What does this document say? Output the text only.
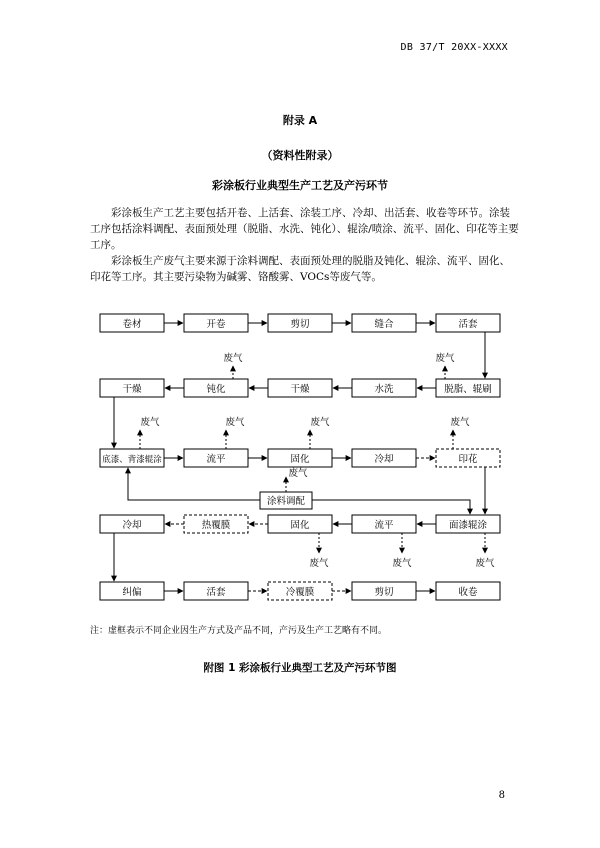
DB 37/T 20XX-XXXX
附录 A
（资料性附录）
彩涂板行业典型生产工艺及产污环节

彩涂板生产工艺主要包括开卷、上活套、涂装工序、冷却、出活套、收卷等环节。涂装工序包括涂料调配、表面预处理（脱脂、水洗、钝化）、辊涂/喷涂、流平、固化、印花等主要工序。

彩涂板生产废气主要来源于涂料调配、表面预处理的脱脂及钝化、辊涂、流平、固化、印花等工序。其主要污染物为碱雾、铬酸雾、VOCs等废气等。

卷材	开卷	剪切	缝合	活套
干燥	钝化	干燥	水洗	脱脂、辊刷
底漆、背漆辊涂	流平	固化	冷却	印花
涂料调配
冷却	热覆膜	固化	流平	面漆辊涂
纠偏	活套	冷覆膜	剪切	收卷
废气	废气
废气	废气	废气	废气
废气
废气	废气	废气
注：虚框表示不同企业因生产方式及产品不同，产污及生产工艺略有不同。
附图 1 彩涂板行业典型工艺及产污环节图
8
